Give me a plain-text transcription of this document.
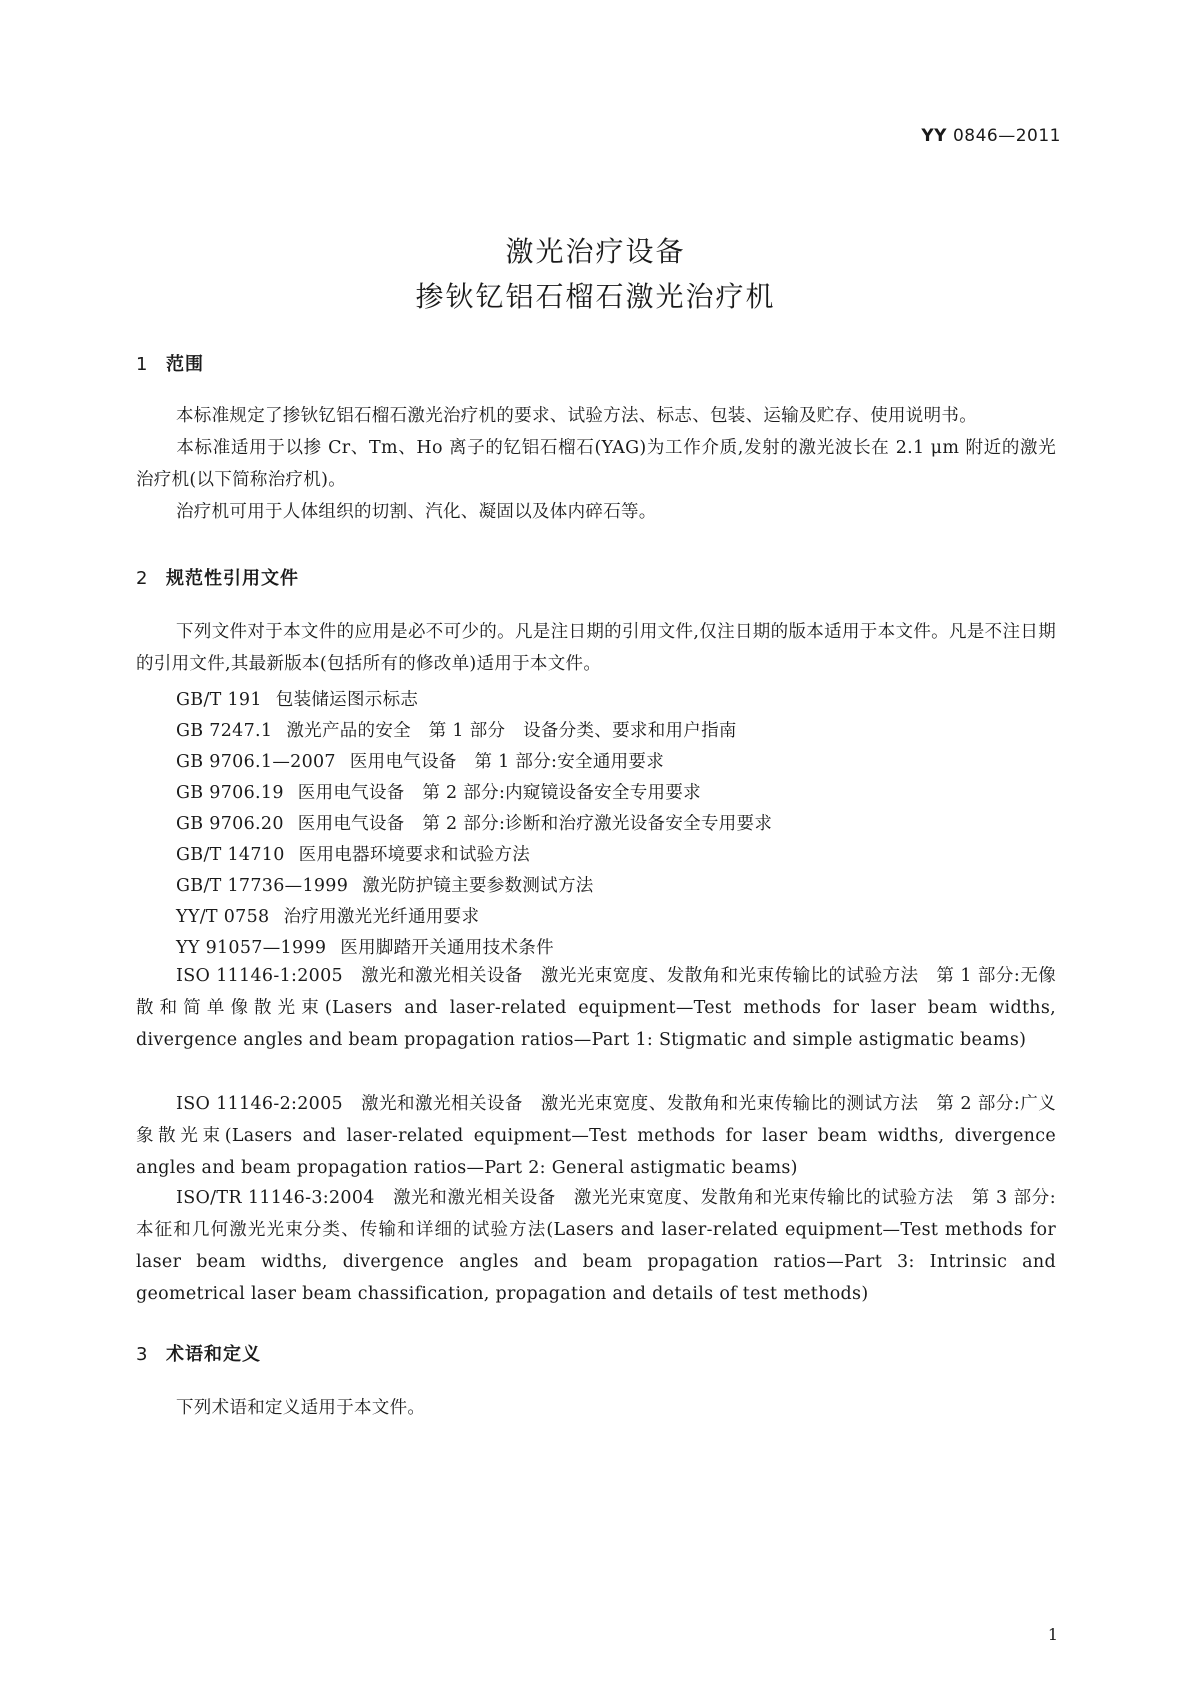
YY 0846—2011
激光治疗设备
掺钬钇铝石榴石激光治疗机
1 范围
本标准规定了掺钬钇铝石榴石激光治疗机的要求、试验方法、标志、包装、运输及贮存、使用说明书。
本标准适用于以掺 Cr、Tm、Ho 离子的钇铝石榴石(YAG)为工作介质,发射的激光波长在 2.1 μm 附近的激光治疗机(以下简称治疗机)。
治疗机可用于人体组织的切割、汽化、凝固以及体内碎石等。
2 规范性引用文件
下列文件对于本文件的应用是必不可少的。凡是注日期的引用文件,仅注日期的版本适用于本文件。凡是不注日期的引用文件,其最新版本(包括所有的修改单)适用于本文件。
GB/T 191 包装储运图示标志
GB 7247.1 激光产品的安全　第 1 部分　设备分类、要求和用户指南
GB 9706.1—2007 医用电气设备　第 1 部分:安全通用要求
GB 9706.19 医用电气设备　第 2 部分:内窥镜设备安全专用要求
GB 9706.20 医用电气设备　第 2 部分:诊断和治疗激光设备安全专用要求
GB/T 14710 医用电器环境要求和试验方法
GB/T 17736—1999 激光防护镜主要参数测试方法
YY/T 0758 治疗用激光光纤通用要求
YY 91057—1999 医用脚踏开关通用技术条件
ISO 11146-1:2005　激光和激光相关设备　激光光束宽度、发散角和光束传输比的试验方法　第 1 部分:无像散和简单像散光束(Lasers and laser-related equipment—Test methods for laser beam widths, divergence angles and beam propagation ratios—Part 1: Stigmatic and simple astigmatic beams)
ISO 11146-2:2005　激光和激光相关设备　激光光束宽度、发散角和光束传输比的测试方法　第 2 部分:广义象散光束(Lasers and laser-related equipment—Test methods for laser beam widths, divergence angles and beam propagation ratios—Part 2: General astigmatic beams)
ISO/TR 11146-3:2004　激光和激光相关设备　激光光束宽度、发散角和光束传输比的试验方法　第 3 部分:本征和几何激光光束分类、传输和详细的试验方法(Lasers and laser-related equipment—Test methods for laser beam widths, divergence angles and beam propagation ratios—Part 3: Intrinsic and geometrical laser beam chassification, propagation and details of test methods)
3 术语和定义
下列术语和定义适用于本文件。
1
